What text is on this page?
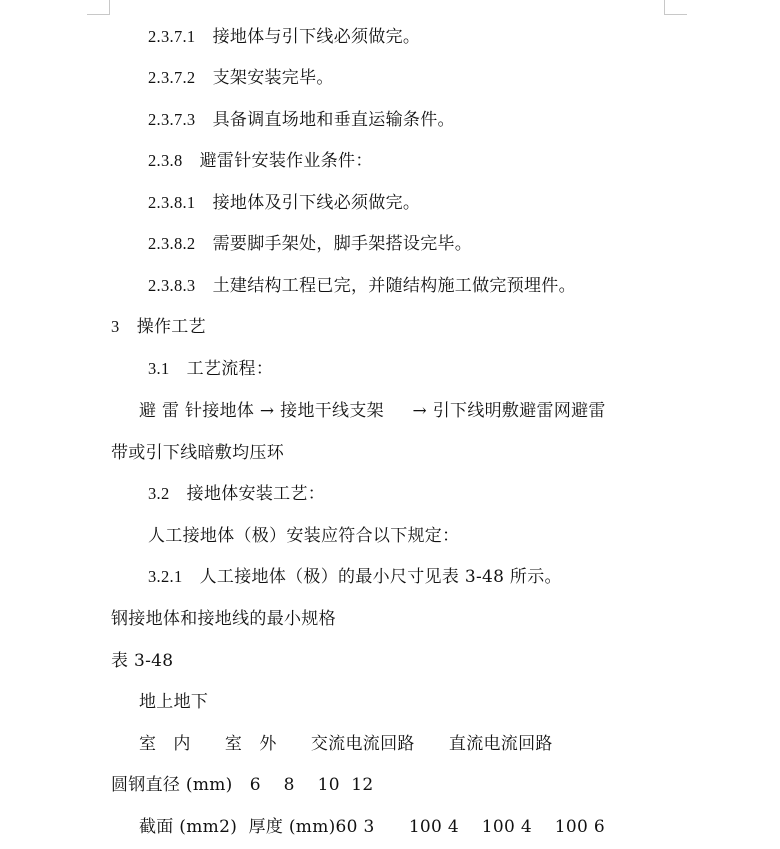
2.3.7.1 接地体与引下线必须做完。
2.3.7.2 支架安装完毕。
2.3.7.3 具备调直场地和垂直运输条件。
2.3.8 避雷针安装作业条件：
2.3.8.1 接地体及引下线必须做完。
2.3.8.2 需要脚手架处，脚手架搭设完毕。
2.3.8.3 土建结构工程已完，并随结构施工做完预埋件。
3 操作工艺
3.1 工艺流程：
避 雷 针接地体 → 接地干线支架     → 引下线明敷避雷网避雷
带或引下线暗敷均压环
3.2 接地体安装工艺：
人工接地体（极）安装应符合以下规定：
3.2.1 人工接地体（极）的最小尺寸见表 3-48 所示。
钢接地体和接地线的最小规格
表 3-48
地上地下
室   内      室   外      交流电流回路      直流电流回路
圆钢直径 (mm)   6    8    10  12
截面 (mm2)  厚度 (mm)60 3      100 4    100 4    100 6
